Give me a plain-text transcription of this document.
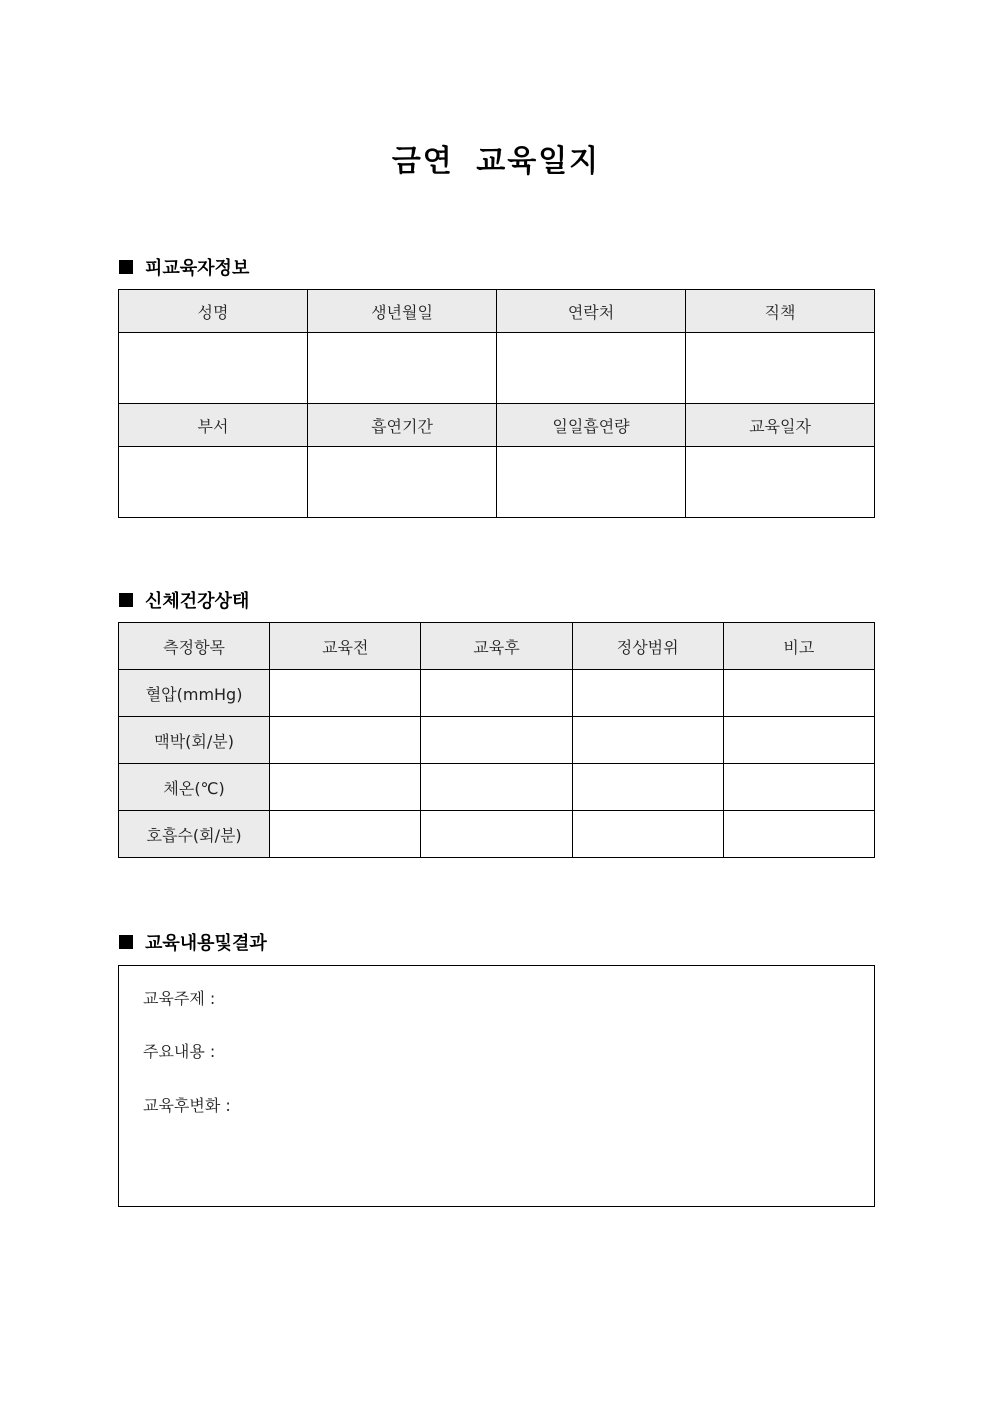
금연 교육일지
피교육자정보
성명	생년월일	연락처	직책

부서	흡연기간	일일흡연량	교육일자

신체건강상태
측정항목	교육전	교육후	정상범위	비고
혈압(mmHg)				
맥박(회/분)				
체온(℃)				
호흡수(회/분)				
교육내용및결과
교육주제 :
주요내용 :
교육후변화 :
